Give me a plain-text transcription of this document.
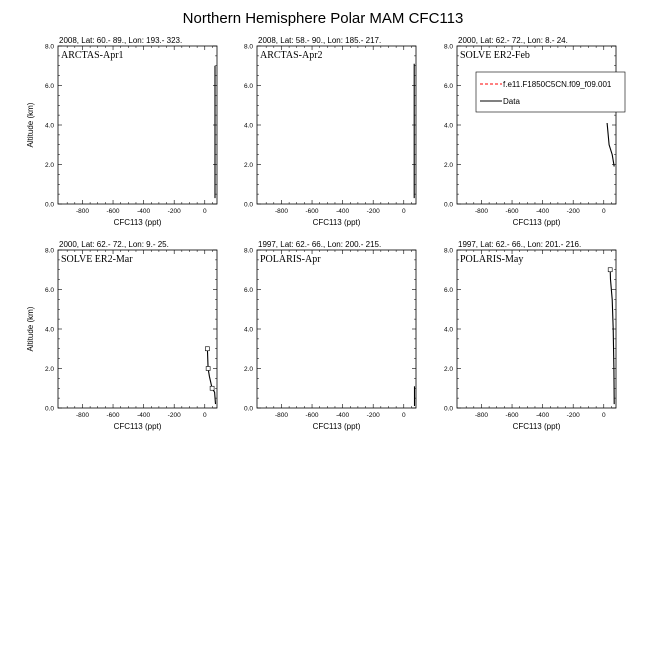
Northern Hemisphere Polar MAM CFC113
-800	-600	-400	-200	0
0.0
2.0
4.0
6.0
8.0
2008, Lat: 60.- 89., Lon: 193.- 323.
ARCTAS-Apr1
CFC113 (ppt)
Altitude (km)
-800	-600	-400	-200	0
0.0
2.0
4.0
6.0
8.0
2008, Lat: 58.- 90., Lon: 185.- 217.
ARCTAS-Apr2
CFC113 (ppt)
-800	-600	-400	-200	0
0.0
2.0
4.0
6.0
8.0
2000, Lat: 62.- 72., Lon: 8.- 24.
SOLVE ER2-Feb
CFC113 (ppt)
-800	-600	-400	-200	0
0.0
2.0
4.0
6.0
8.0
2000, Lat: 62.- 72., Lon: 9.- 25.
SOLVE ER2-Mar
CFC113 (ppt)
Altitude (km)
-800	-600	-400	-200	0
0.0
2.0
4.0
6.0
8.0
1997, Lat: 62.- 66., Lon: 200.- 215.
POLARIS-Apr
CFC113 (ppt)
-800	-600	-400	-200	0
0.0
2.0
4.0
6.0
8.0
1997, Lat: 62.- 66., Lon: 201.- 216.
POLARIS-May
CFC113 (ppt)
f.e11.F1850C5CN.f09_f09.001
Data
